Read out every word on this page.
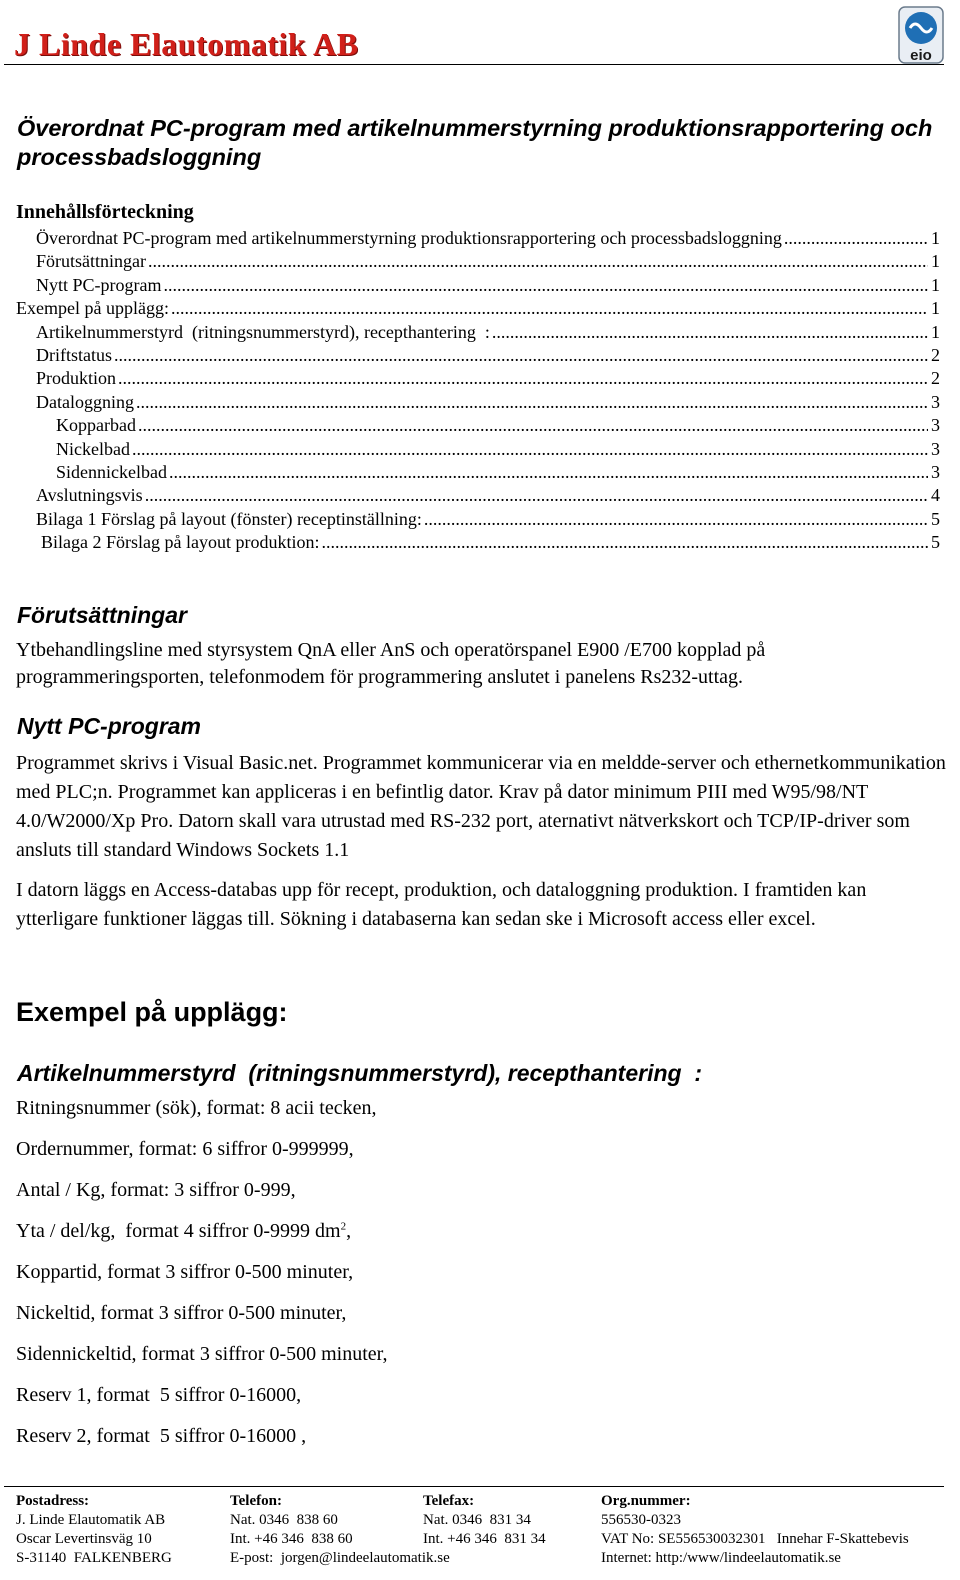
J Linde Elautomatik AB	eio
Överordnat PC-program med artikelnummerstyrning produktionsrapportering och processbadsloggning
Innehållsförteckning
Överordnat PC-program med artikelnummerstyrning produktionsrapportering och processbadsloggning .....	1
Förutsättningar .....	1
Nytt PC-program .....	1
Exempel på upplägg: .....	1
Artikelnummerstyrd  (ritningsnummerstyrd), recepthantering  : .....	1
Driftstatus .....	2
Produktion .....	2
Dataloggning .....	3
Kopparbad .....	3
Nickelbad .....	3
Sidennickelbad .....	3
Avslutningsvis .....	4
Bilaga 1 Förslag på layout (fönster) receptinställning: .....	5
Bilaga 2 Förslag på layout produktion: .....	5
Förutsättningar
Ytbehandlingsline med styrsystem QnA eller AnS och operatörspanel E900 /E700 kopplad på programmeringsporten, telefonmodem för programmering anslutet i panelens Rs232-uttag.
Nytt PC-program
Programmet skrivs i Visual Basic.net. Programmet kommunicerar via en meldde-server och ethernetkommunikation med PLC;n. Programmet kan appliceras i en befintlig dator. Krav på dator minimum PIII med W95/98/NT 4.0/W2000/Xp Pro. Datorn skall vara utrustad med RS-232 port, aternativt nätverkskort och TCP/IP-driver som ansluts till standard Windows Sockets 1.1
I datorn läggs en Access-databas upp för recept, produktion, och dataloggning produktion. I framtiden kan ytterligare funktioner läggas till. Sökning i databaserna kan sedan ske i Microsoft access eller excel.
Exempel på upplägg:
Artikelnummerstyrd  (ritningsnummerstyrd), recepthantering  :
Ritningsnummer (sök), format: 8 acii tecken,
Ordernummer, format: 6 siffror 0-999999,
Antal / Kg, format: 3 siffror 0-999,
Yta / del/kg,  format 4 siffror 0-9999 $dm^2$,
Koppartid, format 3 siffror 0-500 minuter,
Nickeltid, format 3 siffror 0-500 minuter,
Sidennickeltid, format 3 siffror 0-500 minuter,
Reserv 1, format  5 siffror 0-16000,
Reserv 2, format  5 siffror 0-16000 ,
Postadress:
J. Linde Elautomatik AB
Oscar Levertinsväg 10
S-31140  FALKENBERG
Telefon:
Nat. 0346  838 60
Int. +46 346  838 60
E-post:  jorgen@lindeelautomatik.se
Telefax:
Nat. 0346  831 34
Int. +46 346  831 34
Org.nummer:
556530-0323
VAT No: SE556530032301   Innehar F-Skattebevis
Internet: http:/www/lindeelautomatik.se
